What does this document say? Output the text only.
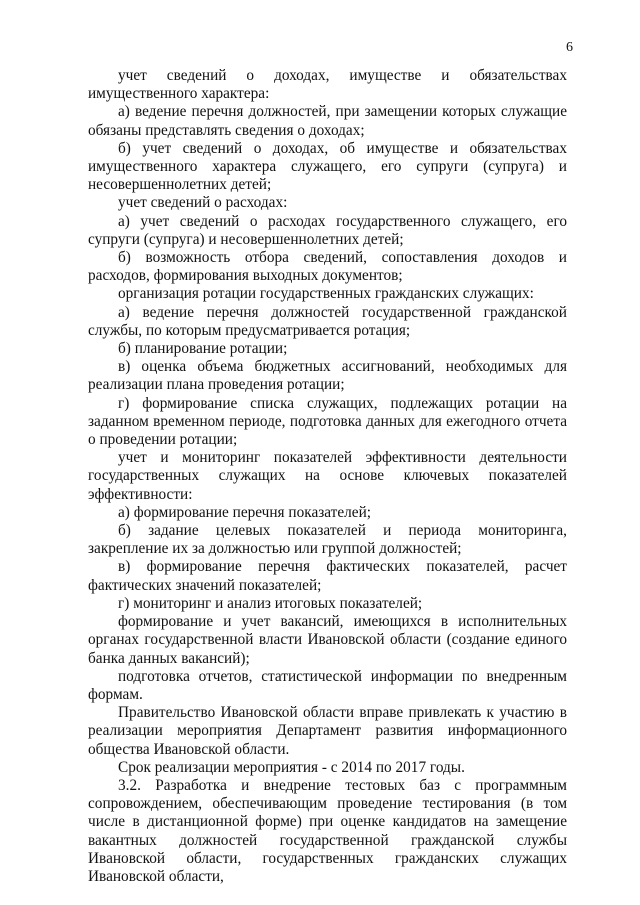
6

учет сведений о доходах, имуществе и обязательствах имущественного характера:

а) ведение перечня должностей, при замещении которых служащие обязаны представлять сведения о доходах;

б) учет сведений о доходах, об имуществе и обязательствах имущественного характера служащего, его супруги (супруга) и несовершеннолетних детей;

учет сведений о расходах:

а) учет сведений о расходах государственного служащего, его супруги (супруга) и несовершеннолетних детей;

б) возможность отбора сведений, сопоставления доходов и расходов, формирования выходных документов;

организация ротации государственных гражданских служащих:

а) ведение перечня должностей государственной гражданской службы, по которым предусматривается ротация;

б) планирование ротации;

в) оценка объема бюджетных ассигнований, необходимых для реализации плана проведения ротации;

г) формирование списка служащих, подлежащих ротации на заданном временном периоде, подготовка данных для ежегодного отчета о проведении ротации;

учет и мониторинг показателей эффективности деятельности государственных служащих на основе ключевых показателей эффективности:

а) формирование перечня показателей;

б) задание целевых показателей и периода мониторинга, закрепление их за должностью или группой должностей;

в) формирование перечня фактических показателей, расчет фактических значений показателей;

г) мониторинг и анализ итоговых показателей;

формирование и учет вакансий, имеющихся в исполнительных органах государственной власти Ивановской области (создание единого банка данных вакансий);

подготовка отчетов, статистической информации по внедренным формам.

Правительство Ивановской области вправе привлекать к участию в реализации мероприятия Департамент развития информационного общества Ивановской области.

Срок реализации мероприятия - с 2014 по 2017 годы.

3.2. Разработка и внедрение тестовых баз с программным сопровождением, обеспечивающим проведение тестирования (в том числе в дистанционной форме) при оценке кандидатов на замещение вакантных должностей государственной гражданской службы Ивановской области, государственных гражданских служащих Ивановской области,
